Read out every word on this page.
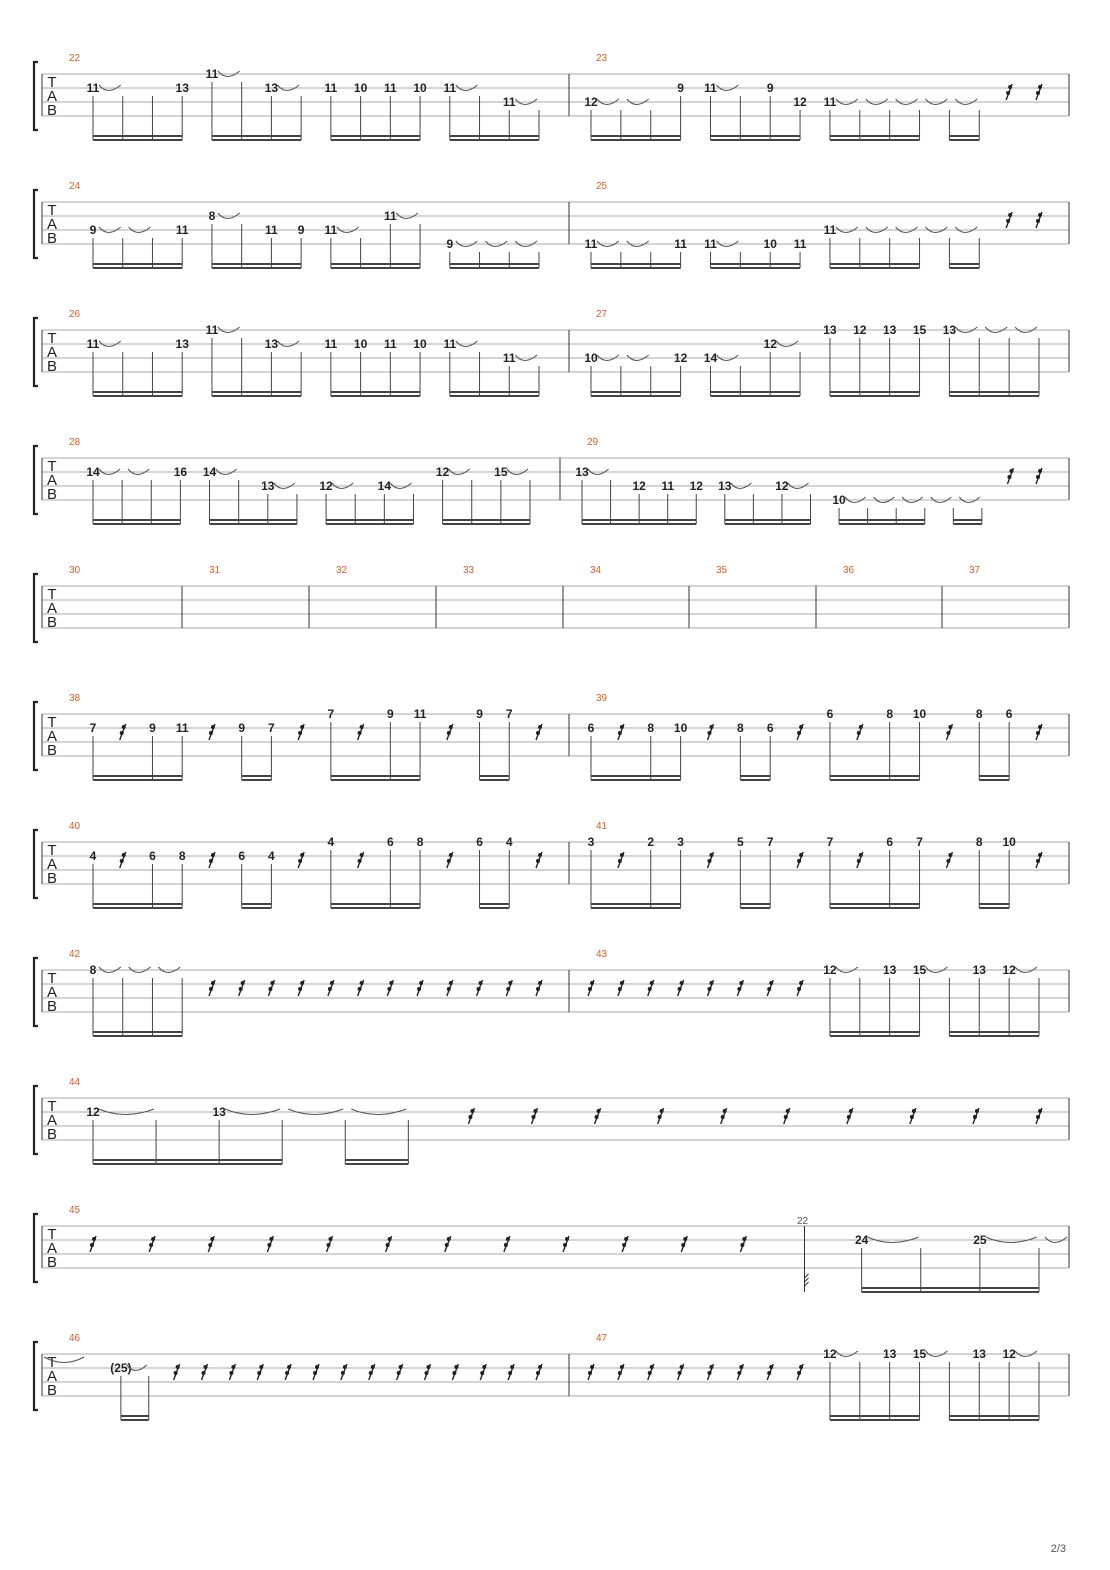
T
A
B
22
11	13
11
13	11 10 11 10 11
11
23
12
9 11	9
12 11
T
A
B
24
9	11
8
11 9 11
11
9
25
11	11 11	10 11
11
T
A
B
26
11	13
11
13	11 10 11 10 11
11
27
10	12 14
12
13 12 13 15 13
T
A
B
28
14	16 14
13	12	14
12	15
29
13
12 11 12 13	12
10
T
A
B
30	31	32	33	34	35	36	37
T
A
B
38
7	9 11	9 7
7	9 11	9 7
39
6	8 10	8 6
6	8 10	8 6
T
A
B
40
4	6 8	6 4
4	6 8	6 4
41
3	2 3	5 7	7	6 7	8 10
T
A
B
42
8
43
12	13 15	13 12
T
A
B
44
12	13
T
A
B
45
22
24	25
T
A
B
46
(25)
47
12	13 15	13 12
2/3
